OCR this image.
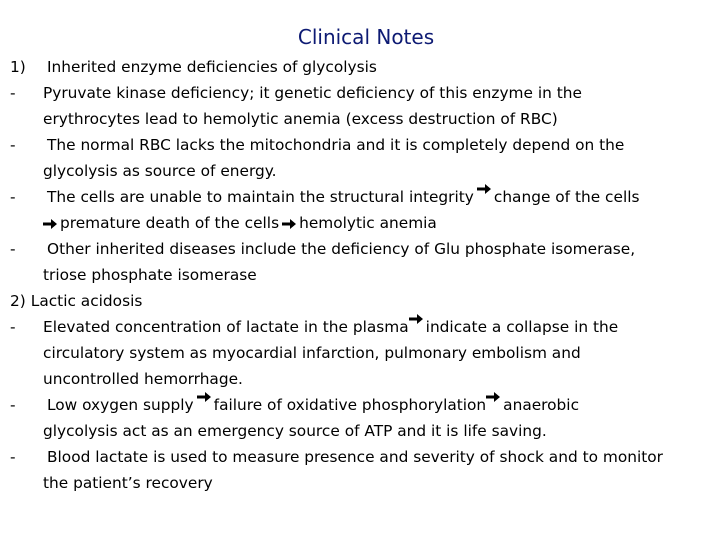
Clinical Notes
1)	Inherited enzyme deficiencies of glycolysis
-	Pyruvate kinase deficiency; it genetic deficiency of this enzyme in the
erythrocytes lead to hemolytic anemia (excess destruction of RBC)
-	The normal RBC lacks the mitochondria and it is completely depend on the
glycolysis as source of energy.
-	The cells are unable to maintain the structural integrity change of the cells
premature death of the cells hemolytic anemia
-	Other inherited diseases include the deficiency of Glu phosphate isomerase,
triose phosphate isomerase
2) Lactic acidosis
-	Elevated concentration of lactate in the plasma indicate a collapse in the
circulatory system as myocardial infarction, pulmonary embolism and
uncontrolled hemorrhage.
-	Low oxygen supply failure of oxidative phosphorylation anaerobic
glycolysis act as an emergency source of ATP and it is life saving.
-	Blood lactate is used to measure presence and severity of shock and to monitor
the patient’s recovery
